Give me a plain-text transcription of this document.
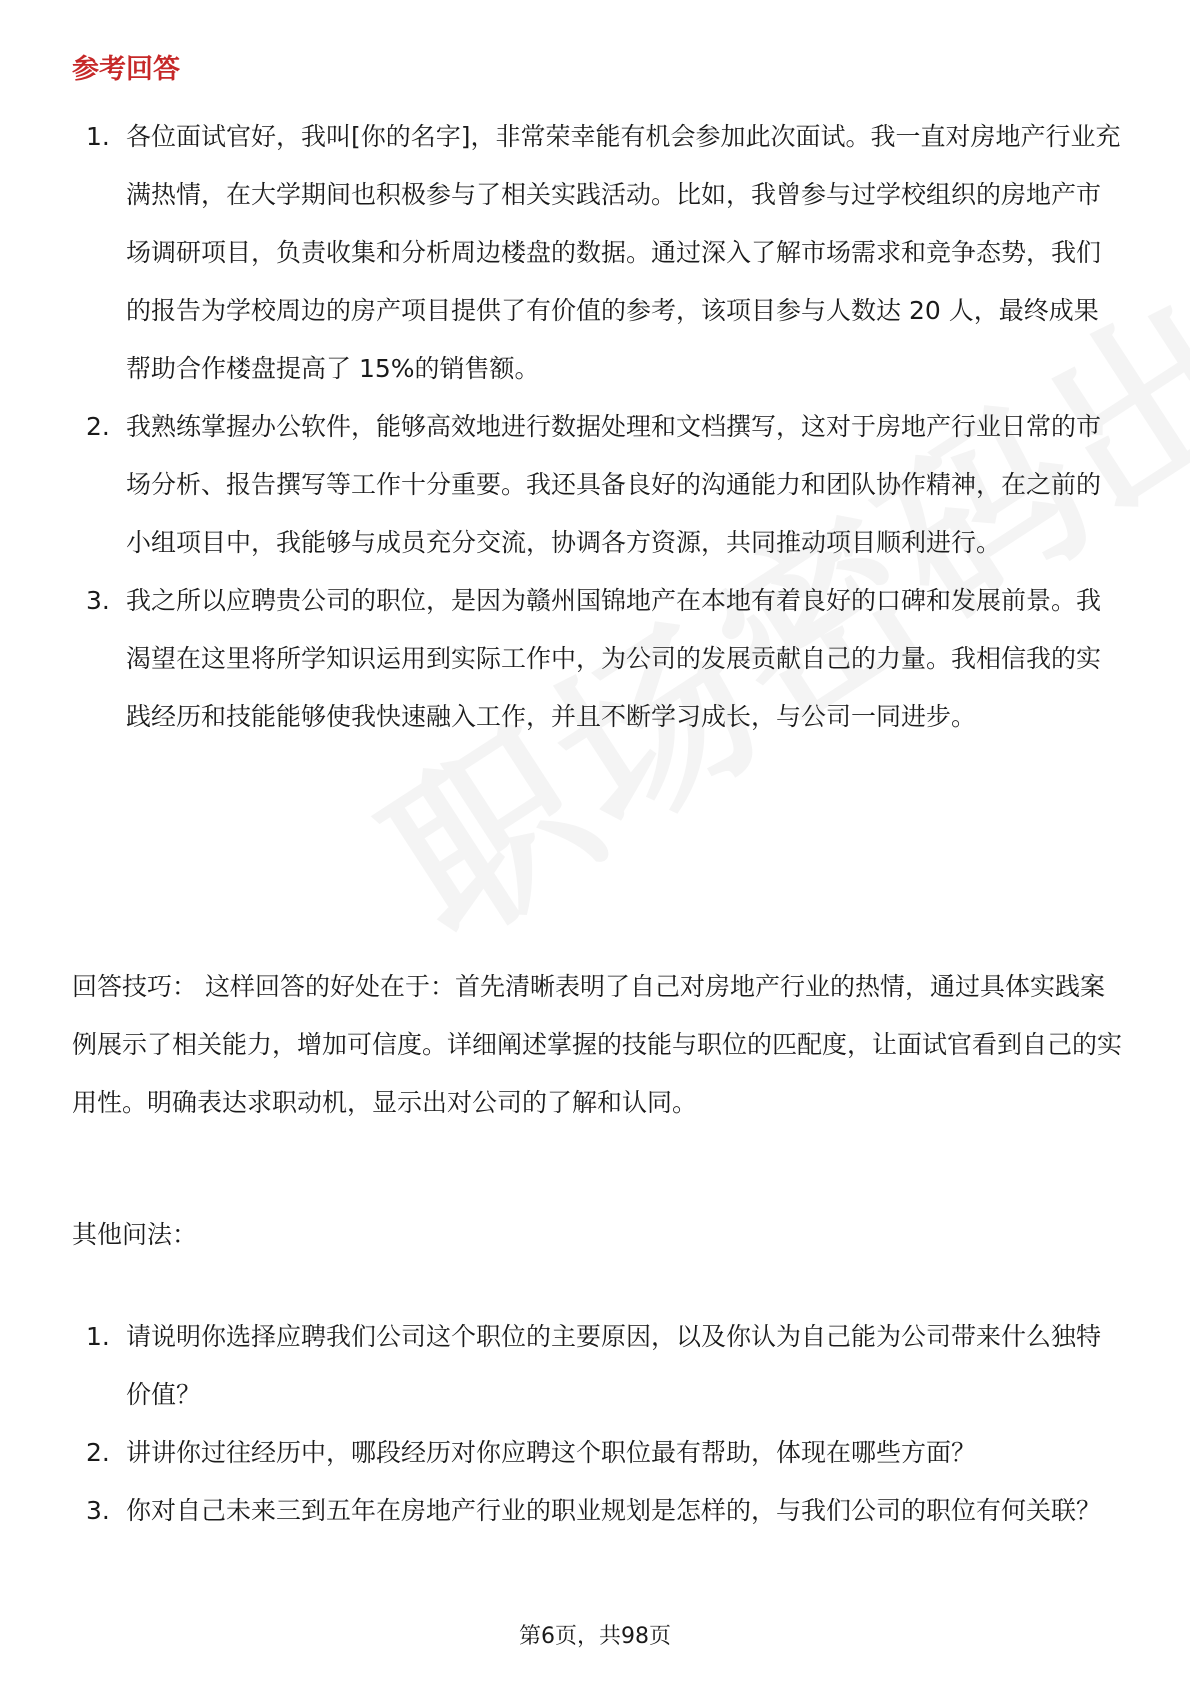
参考回答
1. 各位面试官好，我叫[你的名字]，非常荣幸能有机会参加此次面试。我一直对房地产行业充满热情，在大学期间也积极参与了相关实践活动。比如，我曾参与过学校组织的房地产市场调研项目，负责收集和分析周边楼盘的数据。通过深入了解市场需求和竞争态势，我们的报告为学校周边的房产项目提供了有价值的参考，该项目参与人数达 20 人，最终成果帮助合作楼盘提高了 15%的销售额。
2. 我熟练掌握办公软件，能够高效地进行数据处理和文档撰写，这对于房地产行业日常的市场分析、报告撰写等工作十分重要。我还具备良好的沟通能力和团队协作精神，在之前的小组项目中，我能够与成员充分交流，协调各方资源，共同推动项目顺利进行。
3. 我之所以应聘贵公司的职位，是因为赣州国锦地产在本地有着良好的口碑和发展前景。我渴望在这里将所学知识运用到实际工作中，为公司的发展贡献自己的力量。我相信我的实践经历和技能能够使我快速融入工作，并且不断学习成长，与公司一同进步。

回答技巧： 这样回答的好处在于：首先清晰表明了自己对房地产行业的热情，通过具体实践案例展示了相关能力，增加可信度。详细阐述掌握的技能与职位的匹配度，让面试官看到自己的实用性。明确表达求职动机，显示出对公司的了解和认同。

其他问法：

1. 请说明你选择应聘我们公司这个职位的主要原因，以及你认为自己能为公司带来什么独特价值？
2. 讲讲你过往经历中，哪段经历对你应聘这个职位最有帮助，体现在哪些方面？
3. 你对自己未来三到五年在房地产行业的职业规划是怎样的，与我们公司的职位有何关联？
第6页，共98页
